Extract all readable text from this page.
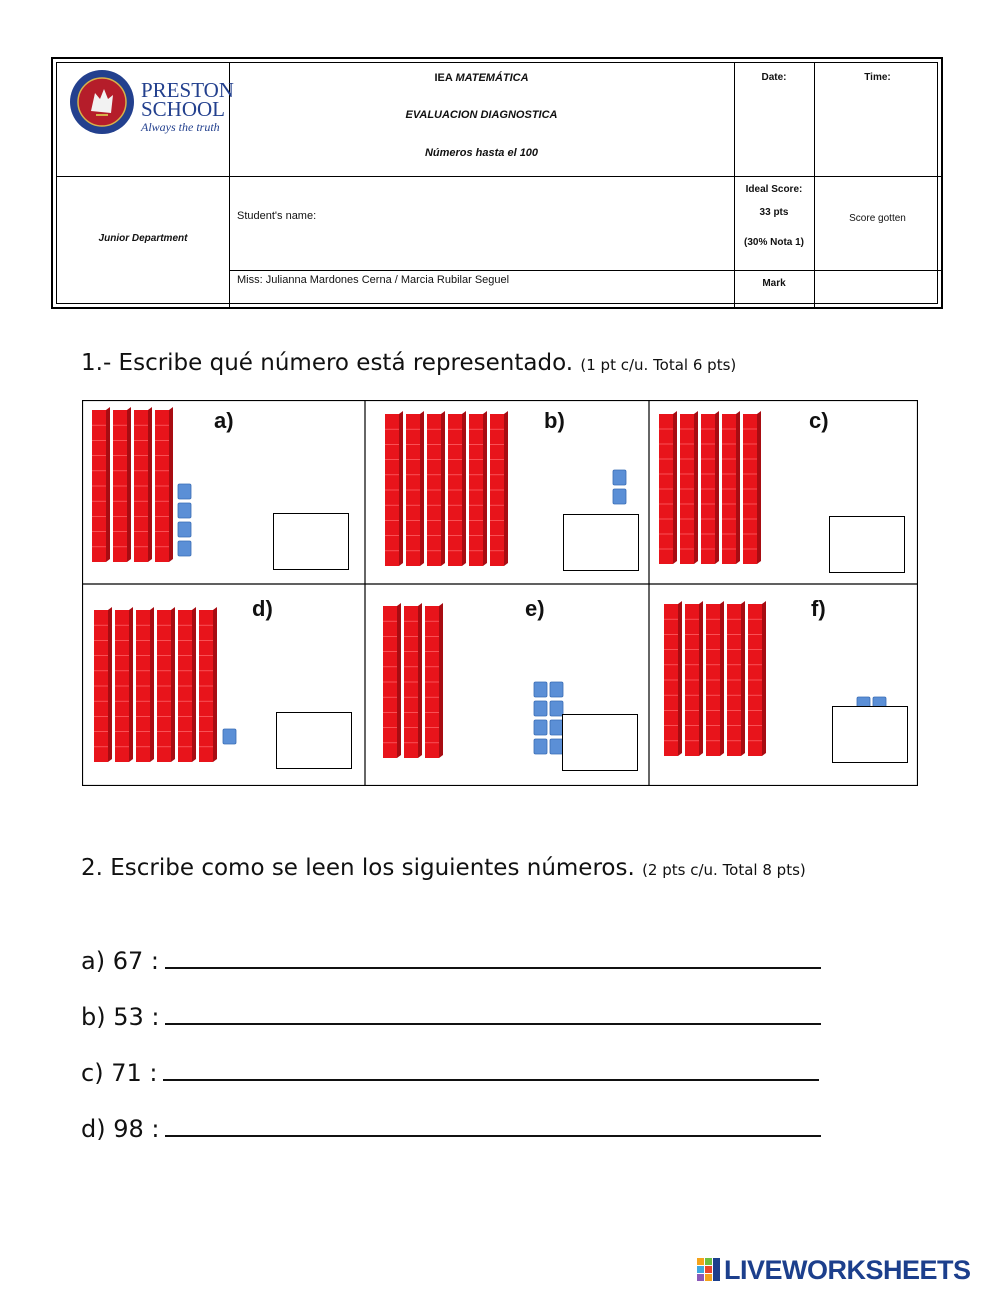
PRESTON
SCHOOL
Always the truth
IEA MATEMÁTICA
EVALUACION DIAGNOSTICA
Números hasta el 100
Date:	Time:
Junior Department
Student's name:
Ideal Score:
33 pts
(30% Nota 1)
Score gotten
Miss: Julianna Mardones Cerna / Marcia Rubilar Seguel	Mark
1.- Escribe qué número está representado. (1 pt c/u. Total 6 pts)
a)	b)	c)
d)	e)	f)
2. Escribe como se leen los siguientes números. (2 pts c/u. Total 8 pts)
a) 67 :
b) 53 :
c) 71 :
d) 98 :
LIVEWORKSHEETS
